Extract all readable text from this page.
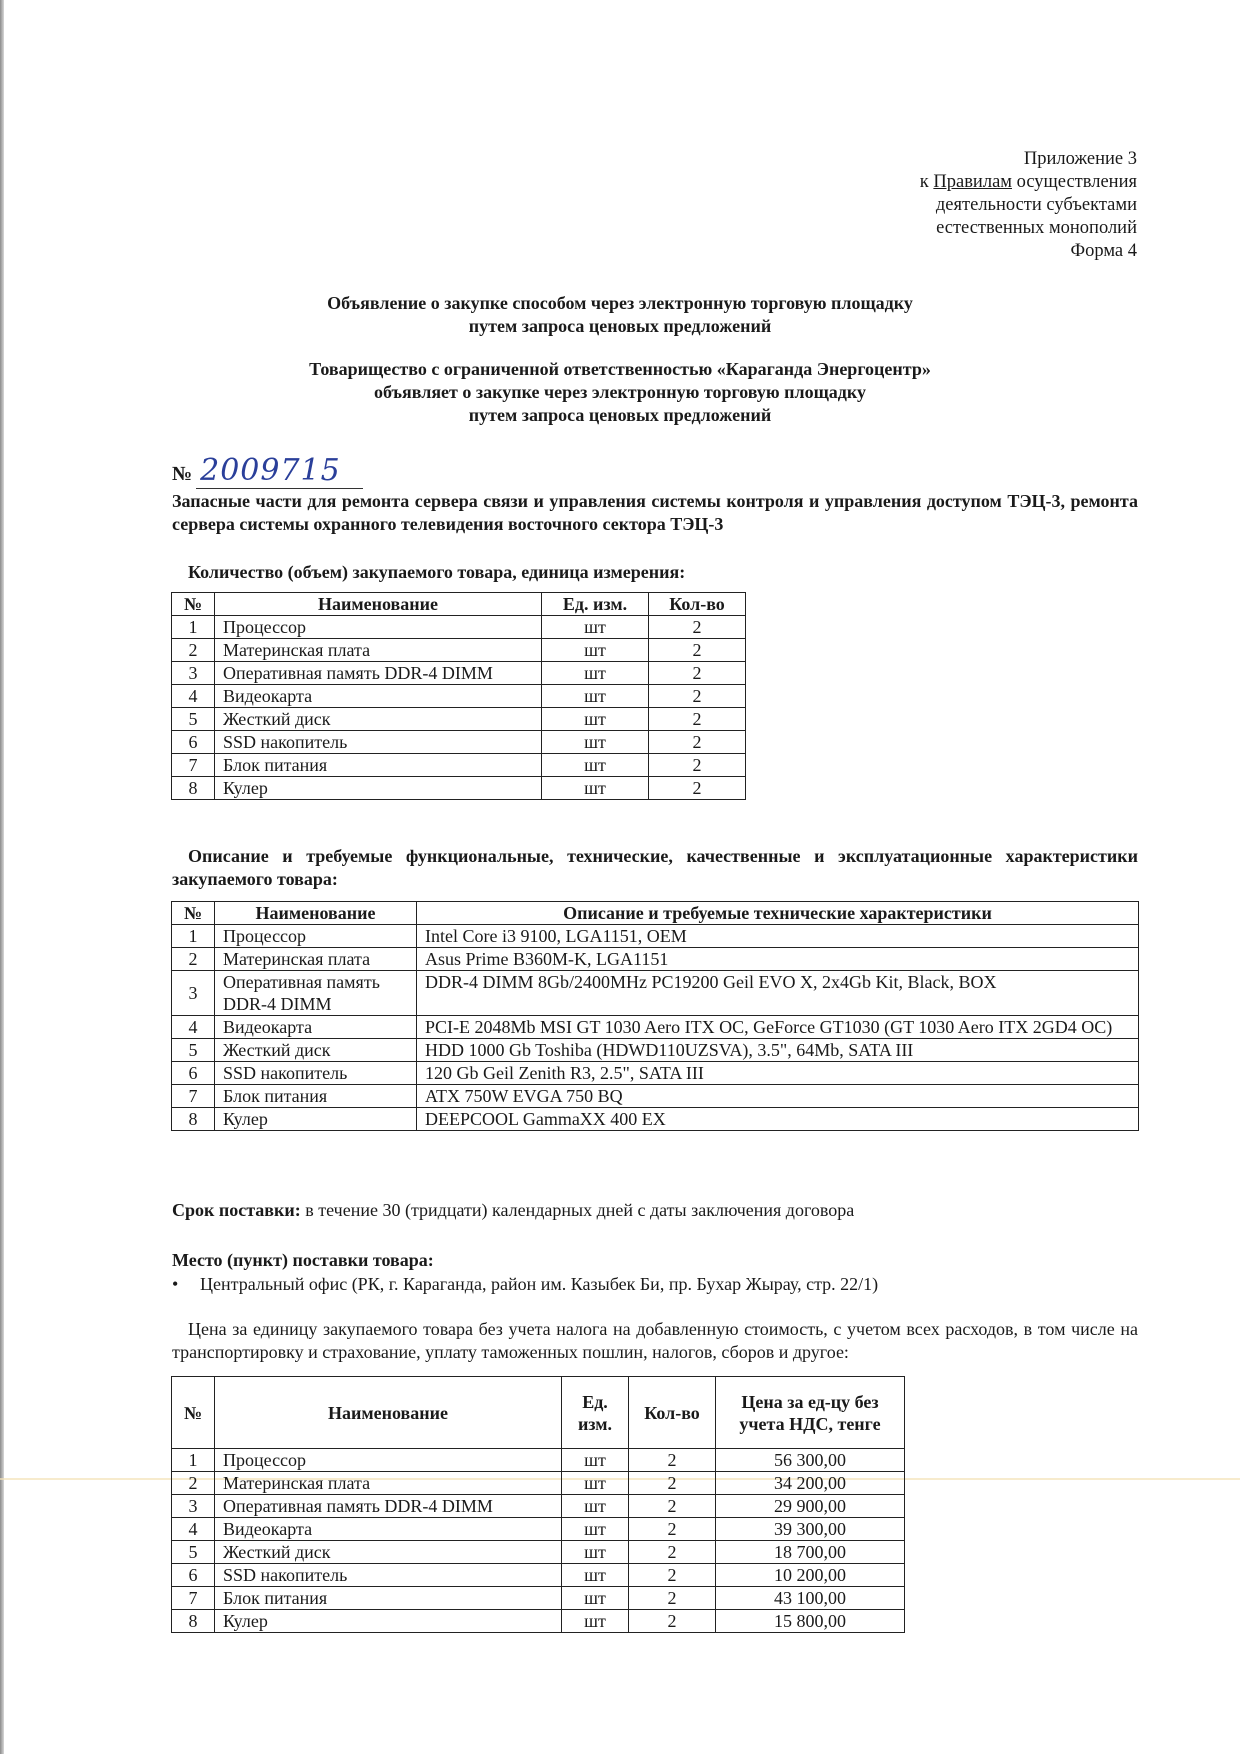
Приложение 3
к Правилам осуществления
деятельности субъектами
естественных монополий
Форма 4
Объявление о закупке способом через электронную торговую площадку
путем запроса ценовых предложений
Товарищество с ограниченной ответственностью «Караганда Энергоцентр»
объявляет о закупке через электронную торговую площадку
путем запроса ценовых предложений
№ 2009715
Запасные части для ремонта сервера связи и управления системы контроля и управления доступом ТЭЦ-3, ремонта сервера системы охранного телевидения восточного сектора ТЭЦ-3
Количество (объем) закупаемого товара, единица измерения:
№	Наименование	Ед. изм.	Кол-во
1	Процессор	шт	2
2	Материнская плата	шт	2
3	Оперативная память DDR-4 DIMM	шт	2
4	Видеокарта	шт	2
5	Жесткий диск	шт	2
6	SSD накопитель	шт	2
7	Блок питания	шт	2
8	Кулер	шт	2
Описание и требуемые функциональные, технические, качественные и эксплуатационные характеристики закупаемого товара:
№	Наименование	Описание и требуемые технические характеристики
1	Процессор	Intel Core i3 9100, LGA1151, OEM
2	Материнская плата	Asus Prime B360M-K, LGA1151
3	Оперативная память DDR-4 DIMM	DDR-4 DIMM 8Gb/2400MHz PC19200 Geil EVO X, 2x4Gb Kit, Black, BOX
4	Видеокарта	PCI-E 2048Mb MSI GT 1030 Aero ITX OC, GeForce GT1030 (GT 1030 Aero ITX 2GD4 OC)
5	Жесткий диск	HDD 1000 Gb Toshiba (HDWD110UZSVA), 3.5", 64Mb, SATA III
6	SSD накопитель	120 Gb Geil Zenith R3, 2.5", SATA III
7	Блок питания	ATX 750W EVGA 750 BQ
8	Кулер	DEEPCOOL GammaXX 400 EX
Срок поставки: в течение 30 (тридцати) календарных дней с даты заключения договора
Место (пункт) поставки товара:
• Центральный офис (РК, г. Караганда, район им. Казыбек Би, пр. Бухар Жырау, стр. 22/1)
Цена за единицу закупаемого товара без учета налога на добавленную стоимость, с учетом всех расходов, в том числе на транспортировку и страхование, уплату таможенных пошлин, налогов, сборов и другое:
№	Наименование	Ед. изм.	Кол-во	Цена за ед-цу без учета НДС, тенге
1	Процессор	шт	2	56 300,00
2	Материнская плата	шт	2	34 200,00
3	Оперативная память DDR-4 DIMM	шт	2	29 900,00
4	Видеокарта	шт	2	39 300,00
5	Жесткий диск	шт	2	18 700,00
6	SSD накопитель	шт	2	10 200,00
7	Блок питания	шт	2	43 100,00
8	Кулер	шт	2	15 800,00
